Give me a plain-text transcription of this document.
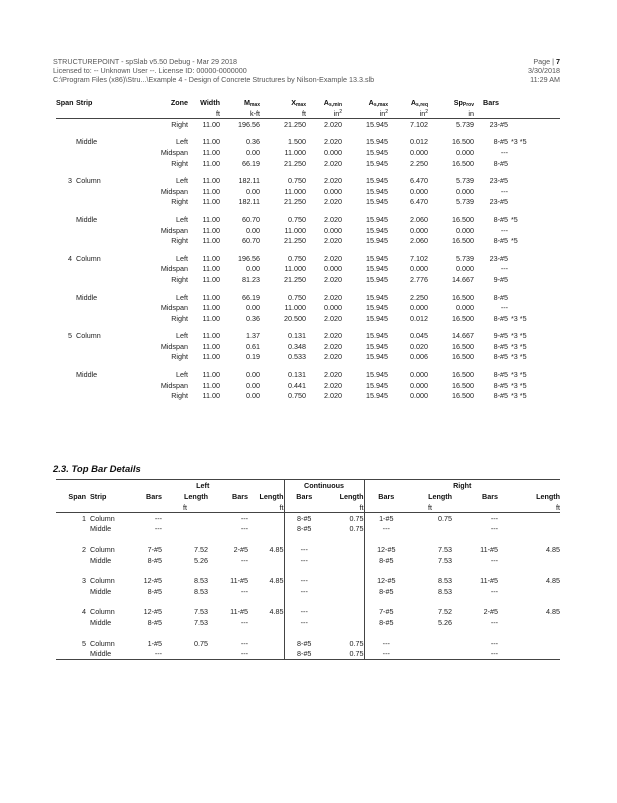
STRUCTUREPOINT - spSlab v5.50 Debug - Mar 29 2018
Licensed to: -- Unknown User --. License ID: 00000-0000000
C:\Program Files (x86)\Stru...\Example 4 - Design of Concrete Structures by Nilson-Example 13.3.slb
Page | 7
3/30/2018
11:29 AM
Span	Strip	Zone	Width	$M_{max}$	$X_{max}$	$A_{s,min}$	$A_{s,max}$	$A_{s,req}$	$Sp_{Prov}$	Bars	
			ft	k-ft	ft	$in^2$	$in^2$	$in^2$	in		
		Right	11.00	196.56	21.250	2.020	15.945	7.102	5.739	23-#5	

	Middle	Left	11.00	0.36	1.500	2.020	15.945	0.012	16.500	8-#5	*3 *5
		Midspan	11.00	0.00	11.000	0.000	15.945	0.000	0.000	---	
		Right	11.00	66.19	21.250	2.020	15.945	2.250	16.500	8-#5	

3	Column	Left	11.00	182.11	0.750	2.020	15.945	6.470	5.739	23-#5	
		Midspan	11.00	0.00	11.000	0.000	15.945	0.000	0.000	---	
		Right	11.00	182.11	21.250	2.020	15.945	6.470	5.739	23-#5	

	Middle	Left	11.00	60.70	0.750	2.020	15.945	2.060	16.500	8-#5	*5
		Midspan	11.00	0.00	11.000	0.000	15.945	0.000	0.000	---	
		Right	11.00	60.70	21.250	2.020	15.945	2.060	16.500	8-#5	*5

4	Column	Left	11.00	196.56	0.750	2.020	15.945	7.102	5.739	23-#5	
		Midspan	11.00	0.00	11.000	0.000	15.945	0.000	0.000	---	
		Right	11.00	81.23	21.250	2.020	15.945	2.776	14.667	9-#5	

	Middle	Left	11.00	66.19	0.750	2.020	15.945	2.250	16.500	8-#5	
		Midspan	11.00	0.00	11.000	0.000	15.945	0.000	0.000	---	
		Right	11.00	0.36	20.500	2.020	15.945	0.012	16.500	8-#5	*3 *5

5	Column	Left	11.00	1.37	0.131	2.020	15.945	0.045	14.667	9-#5	*3 *5
		Midspan	11.00	0.61	0.348	2.020	15.945	0.020	16.500	8-#5	*3 *5
		Right	11.00	0.19	0.533	2.020	15.945	0.006	16.500	8-#5	*3 *5

	Middle	Left	11.00	0.00	0.131	2.020	15.945	0.000	16.500	8-#5	*3 *5
		Midspan	11.00	0.00	0.441	2.020	15.945	0.000	16.500	8-#5	*3 *5
		Right	11.00	0.00	0.750	2.020	15.945	0.000	16.500	8-#5	*3 *5
2.3. Top Bar Details
		Left				Continuous		Right			
Span	Strip	Bars	Length	Bars	Length	Bars	Length	Bars	Length	Bars	Length
			ft		ft		ft		ft		ft
1	Column	---		---		8-#5	0.75	1-#5	0.75	---	
	Middle	---		---		8-#5	0.75	---		---	

2	Column	7-#5	7.52	2-#5	4.85	---		12-#5	7.53	11-#5	4.85
	Middle	8-#5	5.26	---		---		8-#5	7.53	---	

3	Column	12-#5	8.53	11-#5	4.85	---		12-#5	8.53	11-#5	4.85
	Middle	8-#5	8.53	---		---		8-#5	8.53	---	

4	Column	12-#5	7.53	11-#5	4.85	---		7-#5	7.52	2-#5	4.85
	Middle	8-#5	7.53	---		---		8-#5	5.26	---	

5	Column	1-#5	0.75	---		8-#5	0.75	---		---	
	Middle	---		---		8-#5	0.75	---		---	
